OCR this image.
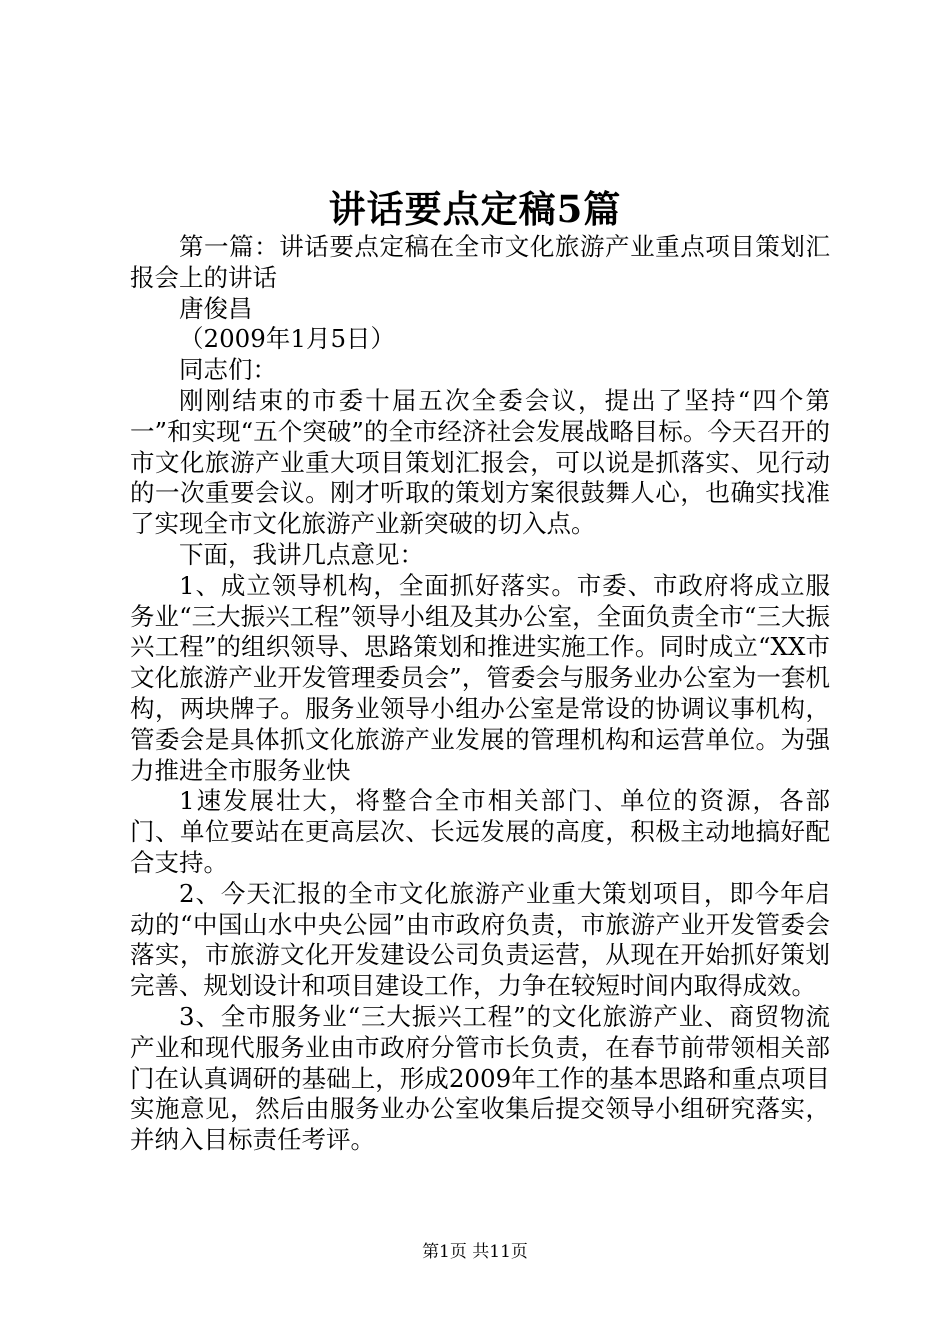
讲话要点定稿5篇

第一篇：讲话要点定稿在全市文化旅游产业重点项目策划汇报会上的讲话

唐俊昌

（2009年1月5日）

同志们：

刚刚结束的市委十届五次全委会议，提出了坚持“四个第一”和实现“五个突破”的全市经济社会发展战略目标。今天召开的市文化旅游产业重大项目策划汇报会，可以说是抓落实、见行动的一次重要会议。刚才听取的策划方案很鼓舞人心，也确实找准了实现全市文化旅游产业新突破的切入点。

下面，我讲几点意见：

1、成立领导机构，全面抓好落实。市委、市政府将成立服务业“三大振兴工程”领导小组及其办公室，全面负责全市“三大振兴工程”的组织领导、思路策划和推进实施工作。同时成立“XX市文化旅游产业开发管理委员会”，管委会与服务业办公室为一套机构，两块牌子。服务业领导小组办公室是常设的协调议事机构，管委会是具体抓文化旅游产业发展的管理机构和运营单位。为强力推进全市服务业快

1速发展壮大，将整合全市相关部门、单位的资源，各部门、单位要站在更高层次、长远发展的高度，积极主动地搞好配合支持。

2、今天汇报的全市文化旅游产业重大策划项目，即今年启动的“中国山水中央公园”由市政府负责，市旅游产业开发管委会落实，市旅游文化开发建设公司负责运营，从现在开始抓好策划完善、规划设计和项目建设工作，力争在较短时间内取得成效。

3、全市服务业“三大振兴工程”的文化旅游产业、商贸物流产业和现代服务业由市政府分管市长负责，在春节前带领相关部门在认真调研的基础上，形成2009年工作的基本思路和重点项目实施意见，然后由服务业办公室收集后提交领导小组研究落实，并纳入目标责任考评。

第1页 共11页
